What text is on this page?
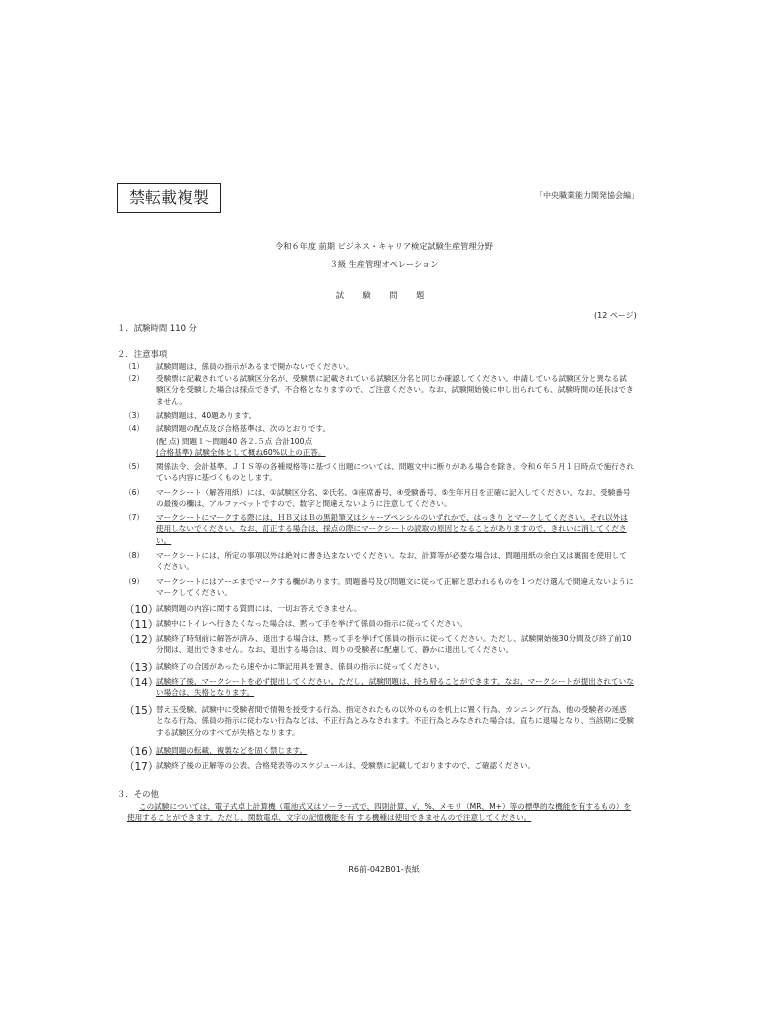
禁転載複製	「中央職業能力開発協会編」
令和６年度 前期 ビジネス・キャリア検定試験生産管理分野
３級 生産管理オペレーション
試 験 問 題
(12 ページ)
１．試験時間 110 分
２．注意事項
（1）	試験問題は、係員の指示があるまで開かないでください。
（2）	受験票に記載されている試験区分名が、受験票に記載されている試験区分名と同じか確認してください。申請している試験区分と異なる試験区分を受験した場合は採点できず、不合格となりますので、ご注意ください。なお、試験開始後に申し出られても、試験時間の延長はできません。
（3）	試験問題は、40題あります。
（4）	試験問題の配点及び合格基準は、次のとおりです。
(配 点) 問題１～問題40 各２.５点 合計100点
(合格基準) 試験全体として概ね60%以上の正答。
（5）	関係法令、会計基準、ＪＩＳ等の各種規格等に基づく出題については、問題文中に断りがある場合を除き、令和６年５月１日時点で施行されている内容に基づくものとします。
（6）	マークシート（解答用紙）には、①試験区分名、②氏名、③座席番号、④受験番号、⑤生年月日を正確に記入してください。なお、受験番号の最後の欄は、アルファベットですので、数字と間違えないように注意してください。
（7）	マークシートにマークする際には、ＨＢ又はＢの黒鉛筆又はシャープペンシルのいずれかで、はっきり とマークしてください。それ以外は使用しないでください。なお、訂正する場合は、採点の際にマークシートの読取の原因となることがありますので、きれいに消してください。
（8）	マークシートには、所定の事項以外は絶対に書き込まないでください。なお、計算等が必要な場合は、問題用紙の余白又は裏面を使用してください。
（9）	マークシートにはアーエまでマークする欄があります。問題番号及び問題文に従って正解と思われるものを１つだけ選んで間違えないようにマークしてください。
（10）
試験問題の内容に関する質問には、一切お答えできません。
（11）
試験中にトイレへ行きたくなった場合は、黙って手を挙げて係員の指示に従ってください。
（12）
試験終了時刻前に解答が済み、退出する場合は、黙って手を挙げて係員の指示に従ってください。ただし、試験開始後30分間及び終了前10分間は、退出できません。なお、退出する場合は、周りの受験者に配慮して、静かに退出してください。
（13）
試験終了の合図があったら速やかに筆記用具を置き、係員の指示に従ってください。
（14）
試験終了後、マークシートを必ず提出してください。ただし、試験問題は、持ち帰ることができます。なお、マークシートが提出されていない場合は、失格となります。
（15）
替え玉受験、試験中に受験者間で情報を授受する行為、指定されたもの以外のものを机上に置く行為、カンニング行為、他の受験者の迷惑となる行為、係員の指示に従わない行為などは、不正行為とみなされます。不正行為とみなされた場合は、直ちに退場となり、当該期に受験する試験区分のすべてが失格となります。
（16）
試験問題の転載、複製などを固く禁じます。
（17）
試験終了後の正解等の公表、合格発表等のスケジュールは、受験票に記載しておりますので、ご確認ください。
３．その他
この試験については、電子式卓上計算機（電池式又はソーラー式で、四則計算、√、%、メモリ（MR、M+）等の標準的な機能を有するもの）を使用することができます。ただし、関数電卓、文字の記憶機能を有 する機種は使用できませんので注意してください。
R6前-042B01-表紙
